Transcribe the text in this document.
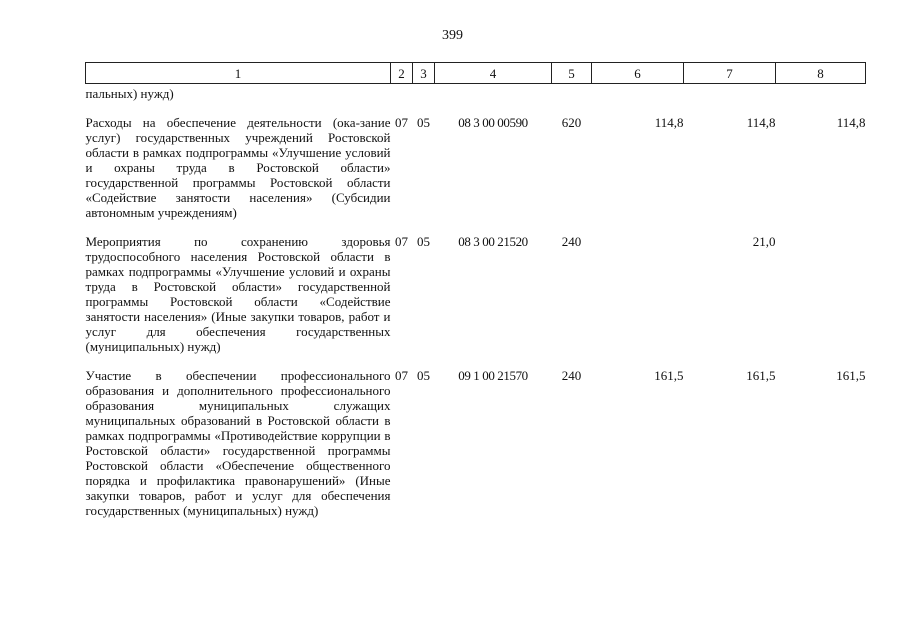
399
1	2	3	4	5	6	7	8
пальных) нужд)							
Расходы на обеспечение деятельности (ока-зание услуг) государственных учреждений Ростовской области в рамках подпрограммы «Улучшение условий и охраны труда в Ростовской области» государственной программы Ростовской области «Содействие занятости населения» (Субсидии автономным учреждениям)	07	05	08 3 00 00590	620	114,8	114,8	114,8
Мероприятия по сохранению здоровья трудоспособного населения Ростовской области в рамках подпрограммы «Улучшение условий и охраны труда в Ростовской области» государственной программы Ростовской области «Содействие занятости населения» (Иные закупки товаров, работ и услуг для обеспечения государственных (муниципальных) нужд)	07	05	08 3 00 21520	240		21,0	
Участие в обеспечении профессионального образования и дополнительного профессионального образования муниципальных служащих муниципальных образований в Ростовской области в рамках подпрограммы «Противодействие коррупции в Ростовской области» государственной программы Ростовской области «Обеспечение общественного порядка и профилактика правонарушений» (Иные закупки товаров, работ и услуг для обеспечения государственных (муниципальных) нужд)	07	05	09 1 00 21570	240	161,5	161,5	161,5
